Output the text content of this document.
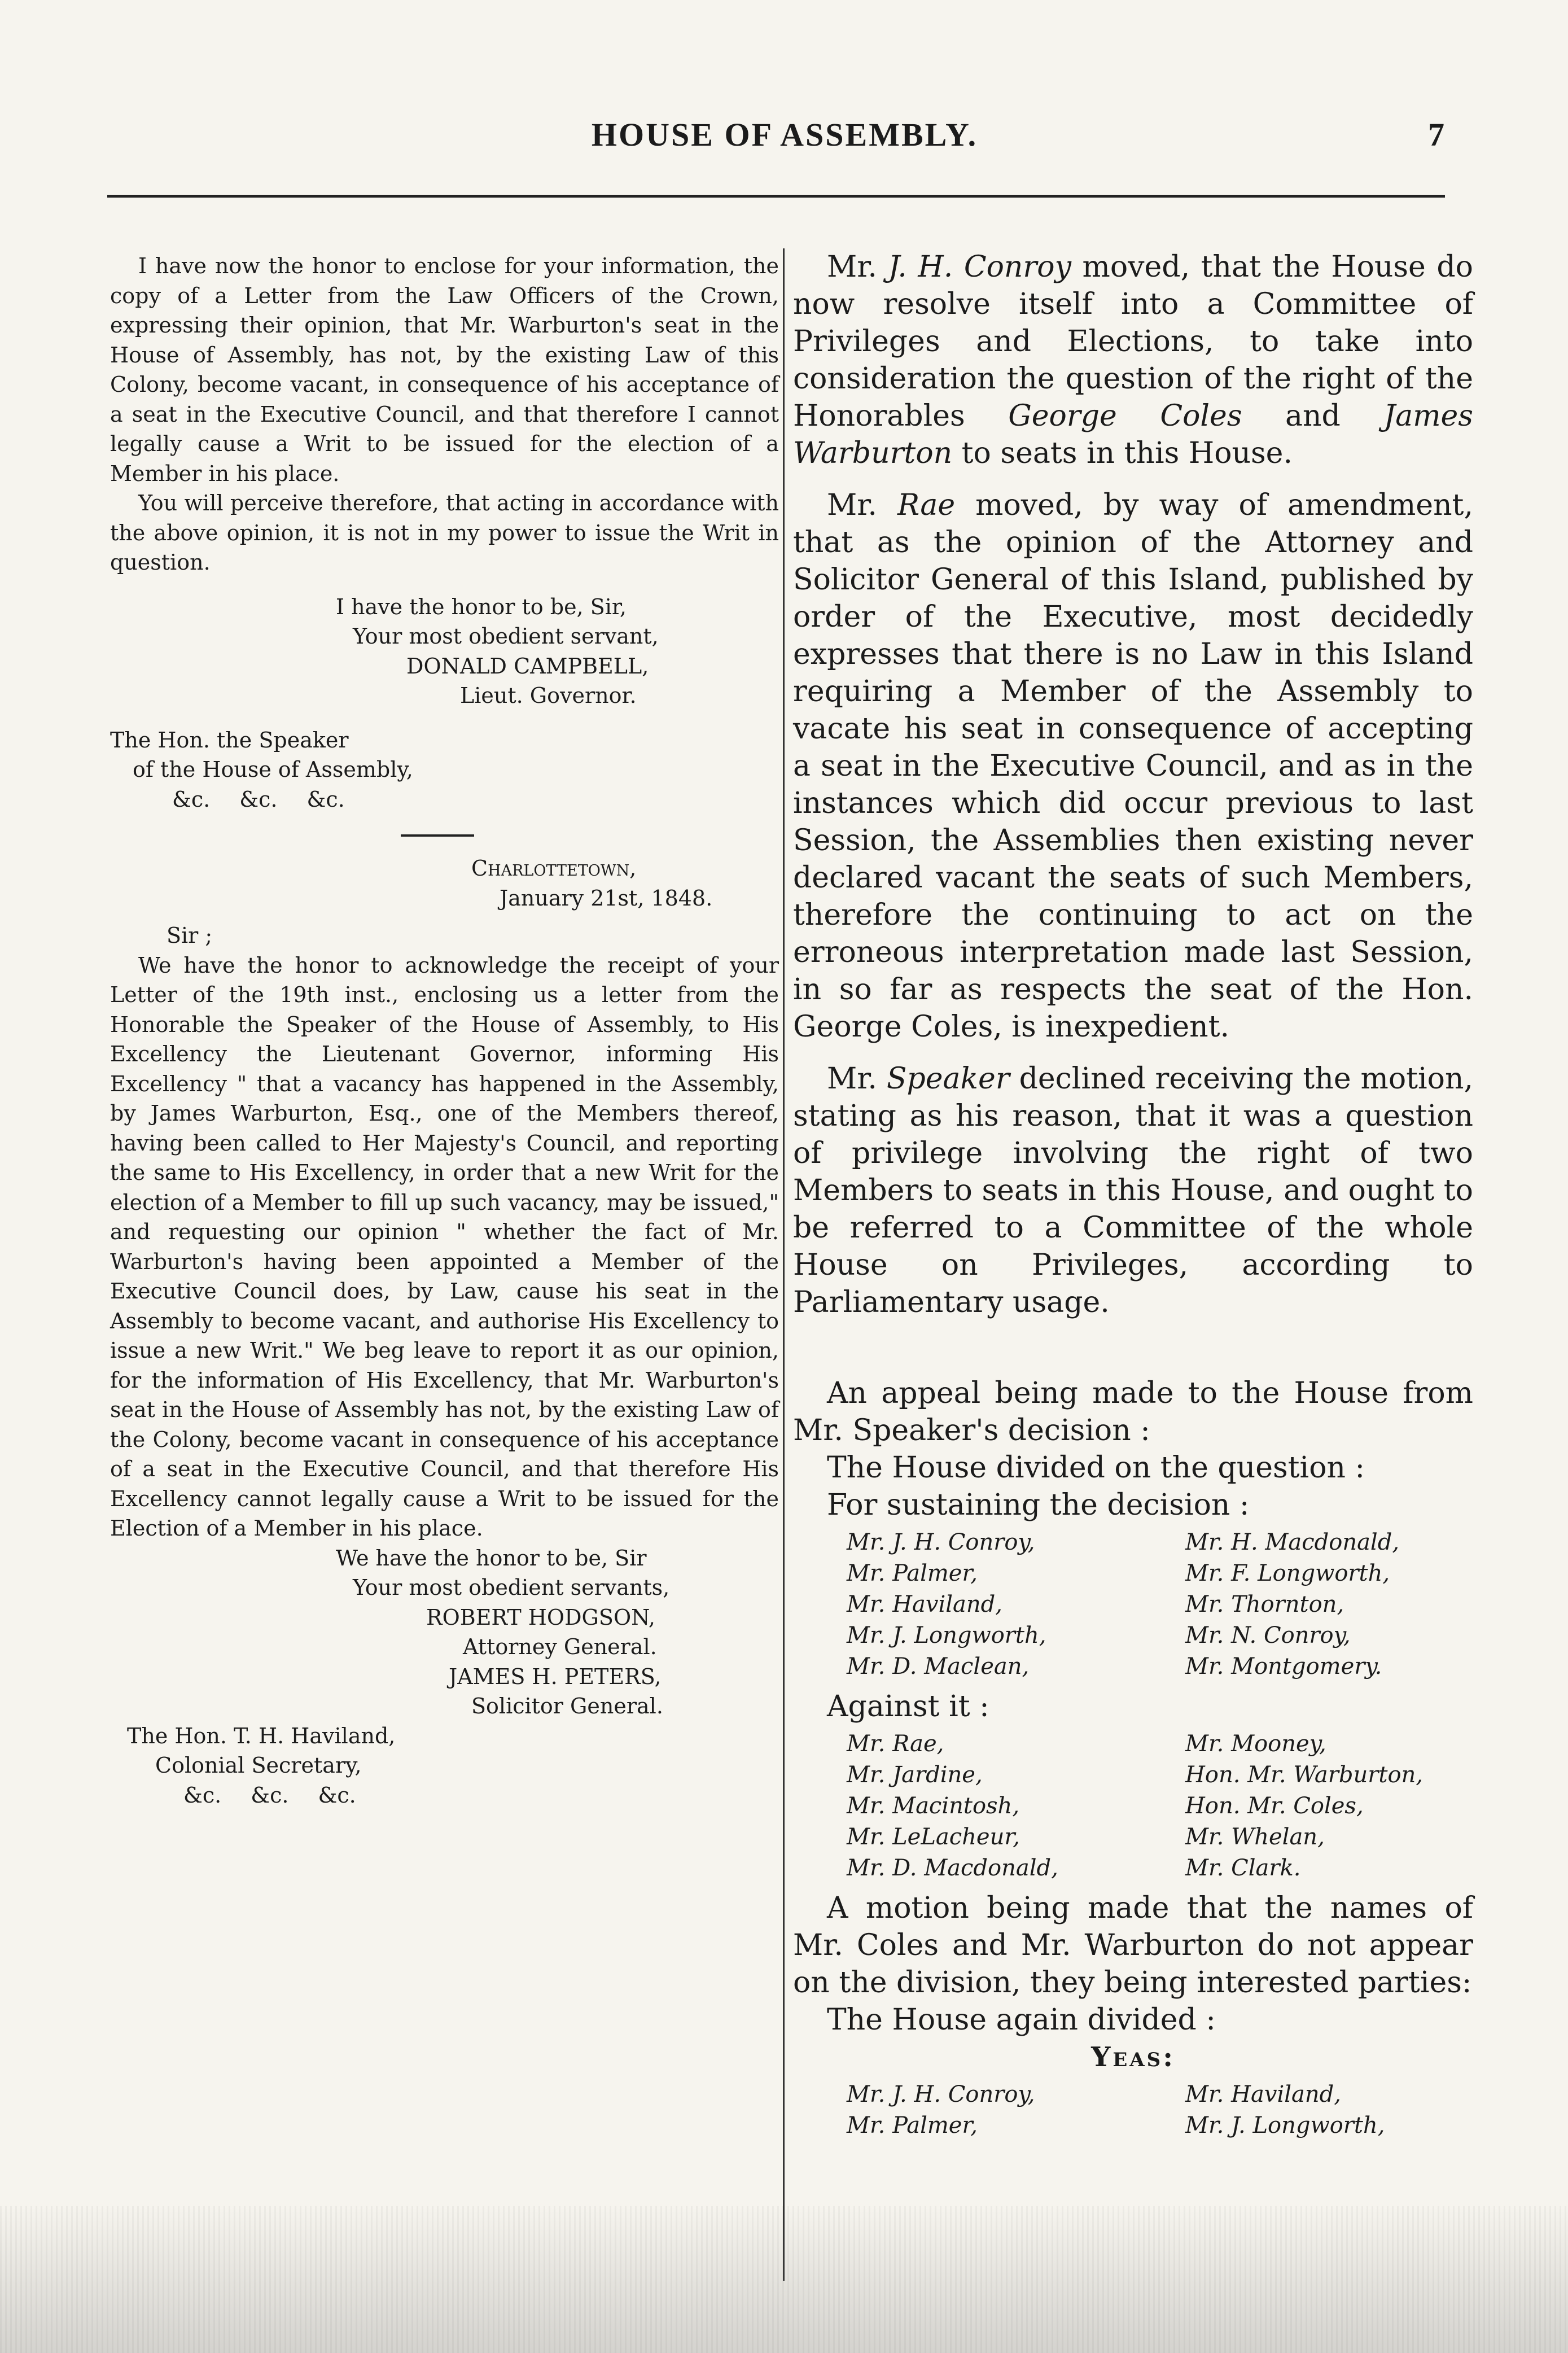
HOUSE OF ASSEMBLY.	7

I have now the honor to enclose for your information, the copy of a Letter from the Law Officers of the Crown, expressing their opinion, that Mr. Warburton's seat in the House of Assembly, has not, by the existing Law of this Colony, become vacant, in consequence of his acceptance of a seat in the Executive Council, and that therefore I cannot legally cause a Writ to be issued for the election of a Member in his place.

You will perceive therefore, that acting in accordance with the above opinion, it is not in my power to issue the Writ in question.

I have the honor to be, Sir,

Your most obedient servant,

DONALD CAMPBELL,

Lieut. Governor.

The Hon. the Speaker

of the House of Assembly,

&c. &c. &c.

Charlottetown,

January 21st, 1848.

Sir ;

We have the honor to acknowledge the receipt of your Letter of the 19th inst., enclosing us a letter from the Honorable the Speaker of the House of Assembly, to His Excellency the Lieutenant Governor, informing His Excellency " that a vacancy has happened in the Assembly, by James Warburton, Esq., one of the Members thereof, having been called to Her Majesty's Council, and reporting the same to His Excellency, in order that a new Writ for the election of a Member to fill up such vacancy, may be issued," and requesting our opinion " whether the fact of Mr. Warburton's having been appointed a Member of the Executive Council does, by Law, cause his seat in the Assembly to become vacant, and authorise His Excellency to issue a new Writ." We beg leave to report it as our opinion, for the information of His Excellency, that Mr. Warburton's seat in the House of Assembly has not, by the existing Law of the Colony, become vacant in consequence of his acceptance of a seat in the Executive Council, and that therefore His Excellency cannot legally cause a Writ to be issued for the Election of a Member in his place.

We have the honor to be, Sir

Your most obedient servants,

ROBERT HODGSON,

Attorney General.

JAMES H. PETERS,

Solicitor General.

The Hon. T. H. Haviland,

Colonial Secretary,

&c. &c. &c.

Mr. J. H. Conroy moved, that the House do now resolve itself into a Committee of Privileges and Elections, to take into consideration the question of the right of the Honorables George Coles and James Warburton to seats in this House.

Mr. Rae moved, by way of amendment, that as the opinion of the Attorney and Solicitor General of this Island, published by order of the Executive, most decidedly expresses that there is no Law in this Island requiring a Member of the Assembly to vacate his seat in consequence of accepting a seat in the Executive Council, and as in the instances which did occur previous to last Session, the Assemblies then existing never declared vacant the seats of such Members, therefore the continuing to act on the erroneous interpretation made last Session, in so far as respects the seat of the Hon. George Coles, is inexpedient.

Mr. Speaker declined receiving the motion, stating as his reason, that it was a question of privilege involving the right of two Members to seats in this House, and ought to be referred to a Committee of the whole House on Privileges, according to Parliamentary usage.

An appeal being made to the House from Mr. Speaker's decision :

The House divided on the question :

For sustaining the decision :

Mr. J. H. Conroy,	Mr. H. Macdonald,
Mr. Palmer,	Mr. F. Longworth,
Mr. Haviland,	Mr. Thornton,
Mr. J. Longworth,	Mr. N. Conroy,
Mr. D. Maclean,	Mr. Montgomery.

Against it :

Mr. Rae,	Mr. Mooney,
Mr. Jardine,	Hon. Mr. Warburton,
Mr. Macintosh,	Hon. Mr. Coles,
Mr. LeLacheur,	Mr. Whelan,
Mr. D. Macdonald,	Mr. Clark.

A motion being made that the names of Mr. Coles and Mr. Warburton do not appear on the division, they being interested parties:

The House again divided :

Yeas:

Mr. J. H. Conroy,	Mr. Haviland,
Mr. Palmer,	Mr. J. Longworth,
